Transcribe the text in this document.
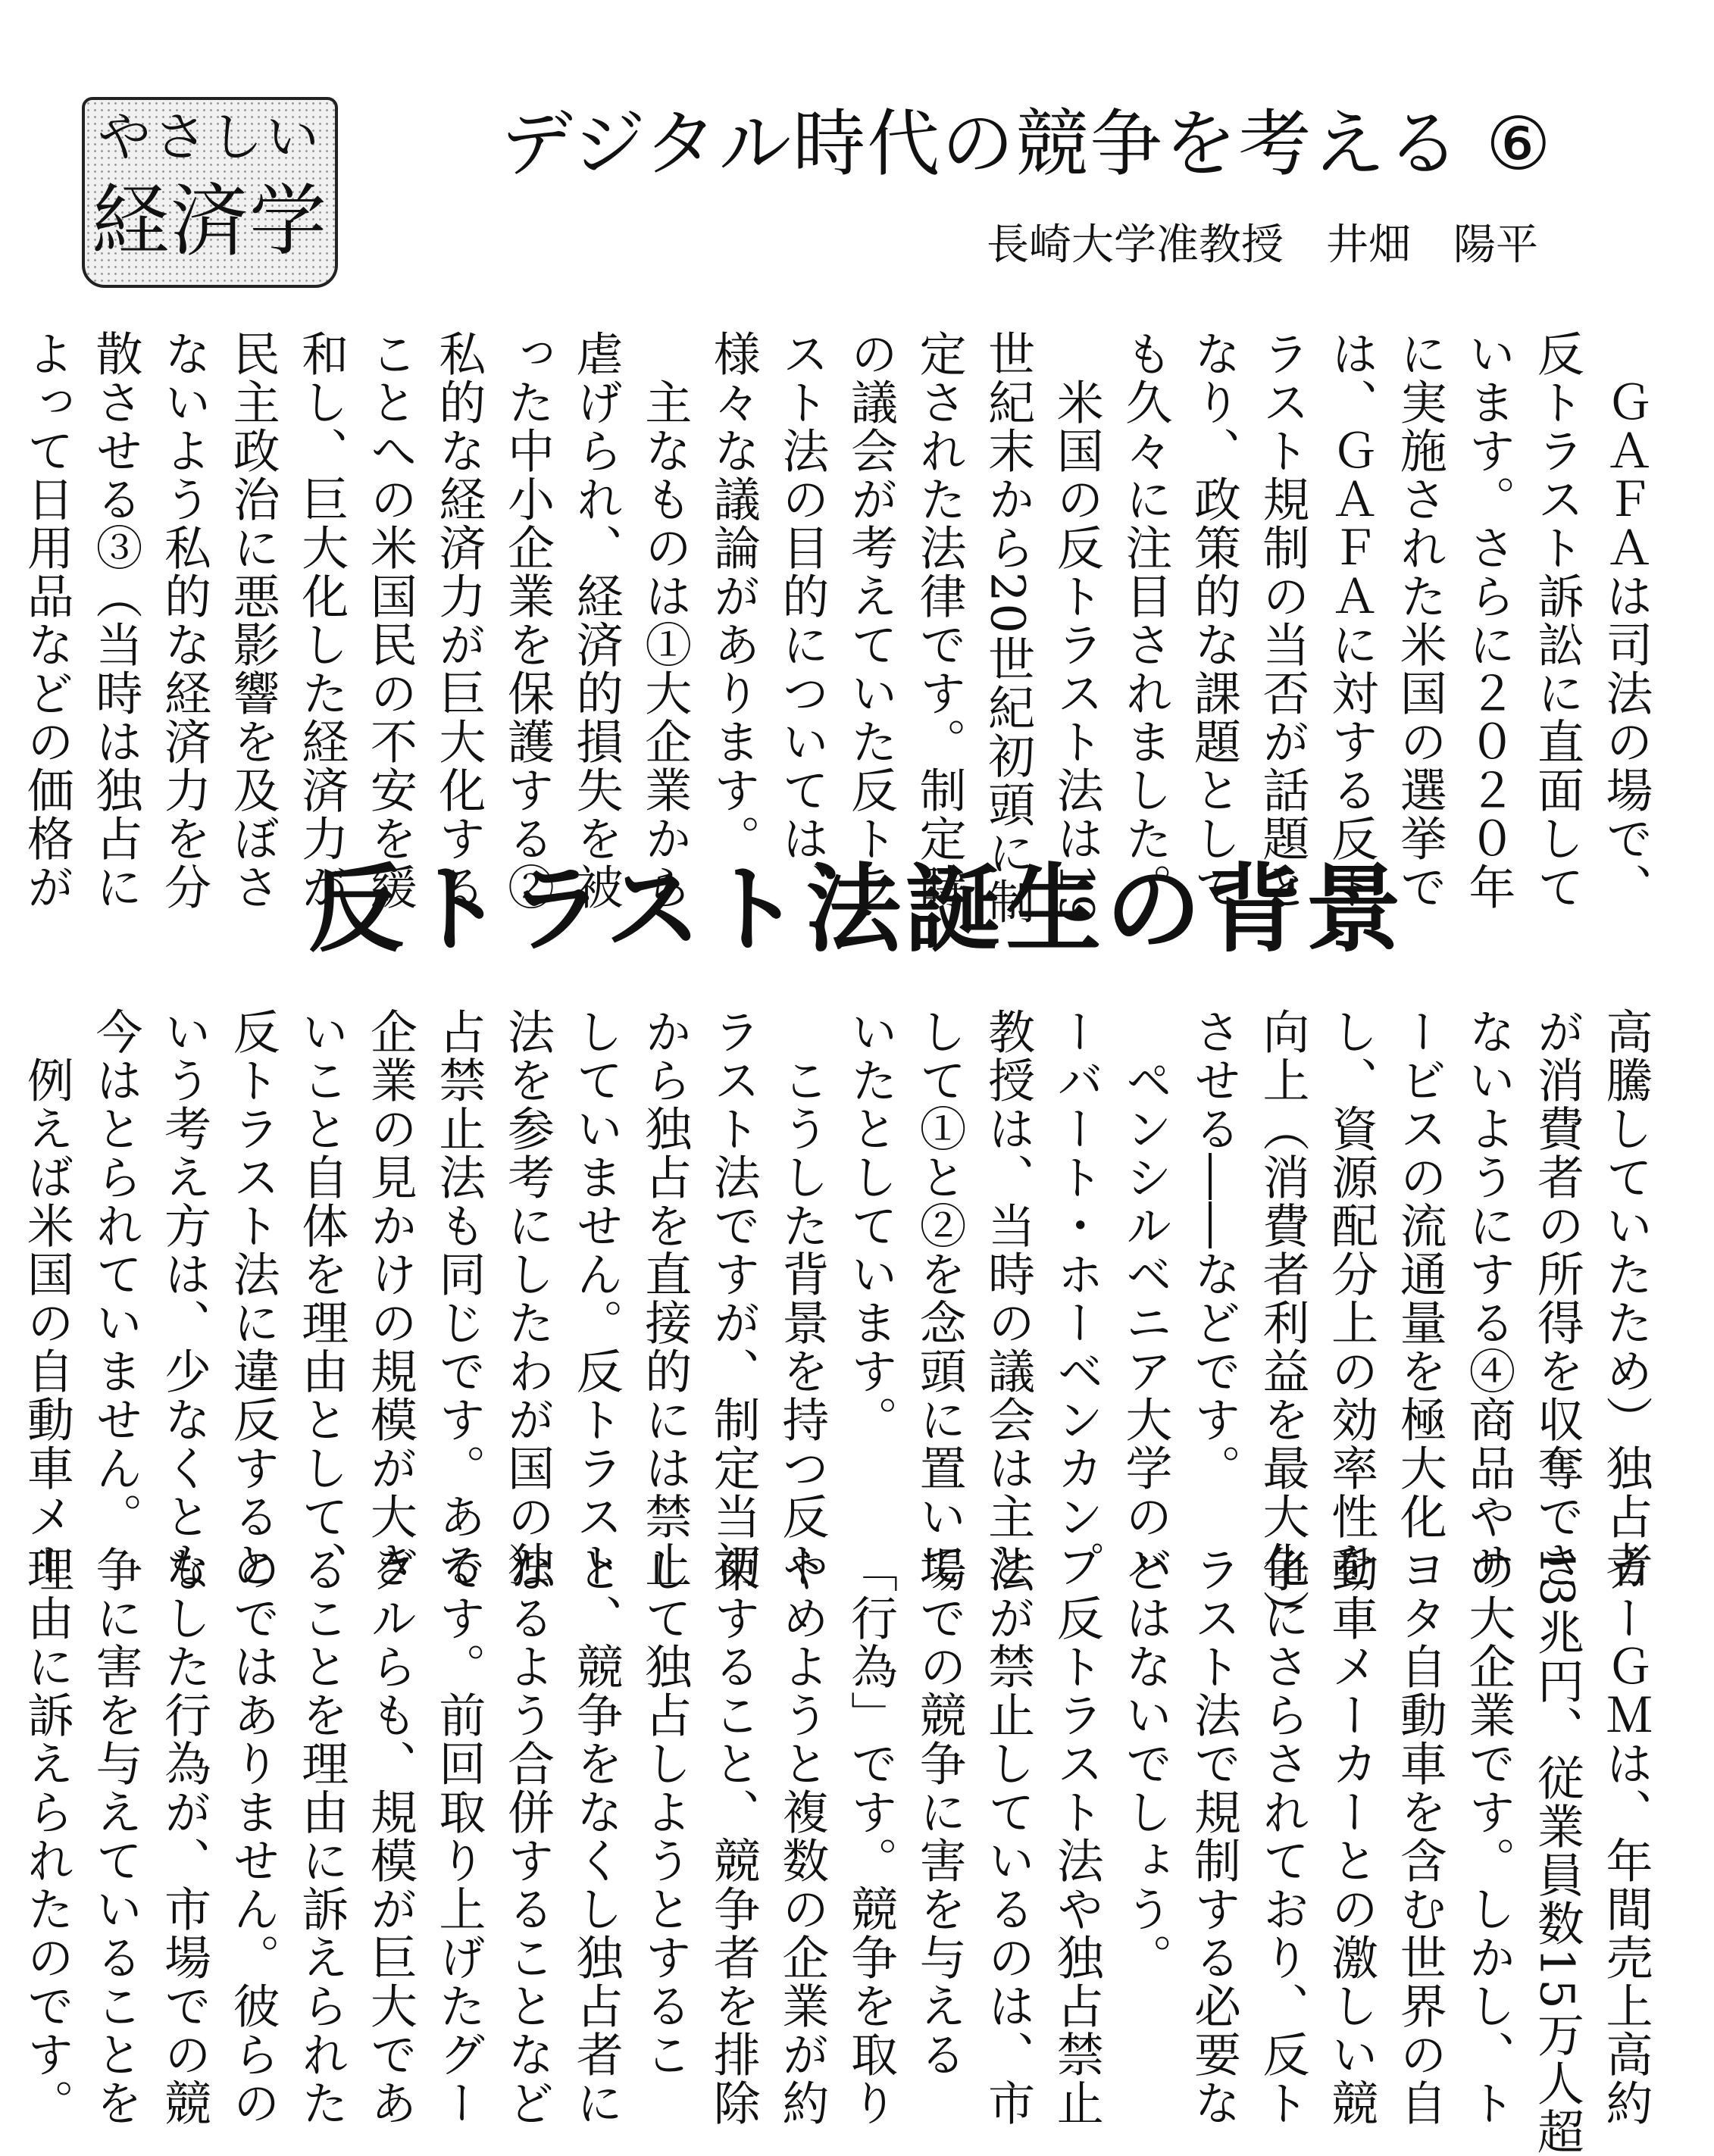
やさしい
経済学
デジタル時代の競争を考える ⑥
長崎大学准教授　井畑　陽平
　ＧＡＦＡは司法の場で、
反トラスト訴訟に直面して
います。さらに２０２０年
に実施された米国の選挙で
は、ＧＡＦＡに対する反ト
ラスト規制の当否が話題と
なり、政策的な課題として
も久々に注目されました。
　米国の反トラスト法は19
世紀末から20世紀初頭に制
定された法律です。制定時
の議会が考えていた反トラ
スト法の目的については、
様々な議論があります。
　主なものは①大企業から
虐げられ、経済的損失を被
った中小企業を保護する②
私的な経済力が巨大化する
ことへの米国民の不安を緩
和し、巨大化した経済力が
民主政治に悪影響を及ぼさ
ないよう私的な経済力を分
散させる③（当時は独占に
よって日用品などの価格が	反トラスト法誕生の背景
高騰していたため）独占者
が消費者の所得を収奪でき
ないようにする④商品やサ
ービスの流通量を極大化
し、資源配分上の効率性を
向上（消費者利益を最大化）
させる――などです。
　ペンシルベニア大学のハ
ーバート・ホーベンカンプ
教授は、当時の議会は主と
して①と②を念頭に置いて
いたとしています。
　こうした背景を持つ反ト
ラスト法ですが、制定当初
から独占を直接的には禁止
していません。反トラスト
法を参考にしたわが国の独
占禁止法も同じです。ある
企業の見かけの規模が大き
いこと自体を理由として、
反トラスト法に違反すると
いう考え方は、少なくとも
今はとられていません。
　例えば米国の自動車メー
カーＧＭは、年間売上高約
13兆円、従業員数15万人超
の大企業です。しかし、ト
ヨタ自動車を含む世界の自
動車メーカーとの激しい競
争にさらされており、反ト
ラスト法で規制する必要な
どはないでしょう。
　反トラスト法や独占禁止
法が禁止しているのは、市
場での競争に害を与える
「行為」です。競争を取り
やめようと複数の企業が約
束すること、競争者を排除
して独占しようとするこ
と、競争をなくし独占者に
なるよう合併することなど
です。前回取り上げたグー
グルらも、規模が巨大であ
ることを理由に訴えられた
のではありません。彼らの
なした行為が、市場での競
争に害を与えていることを
理由に訴えられたのです。
